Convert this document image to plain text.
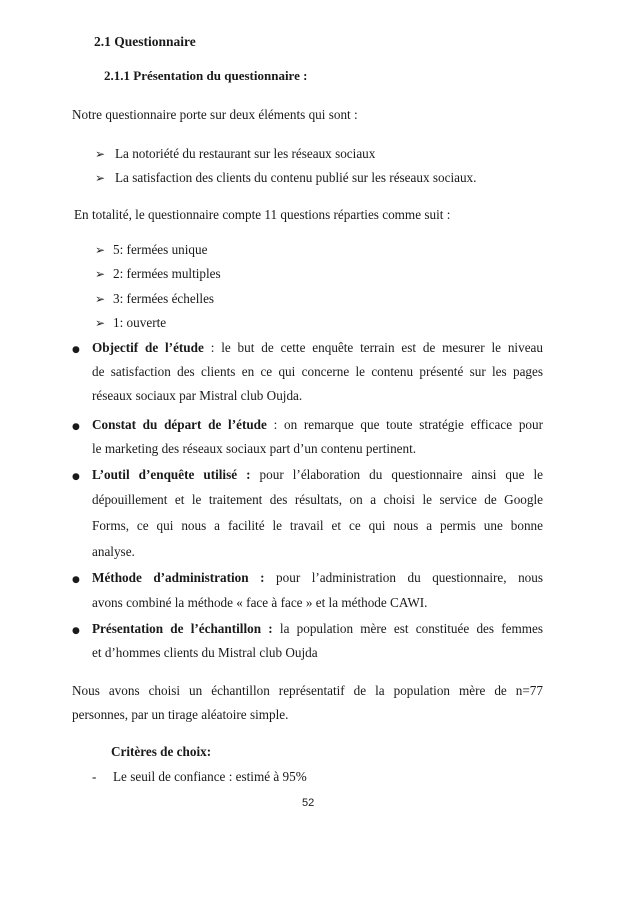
2.1 Questionnaire
2.1.1 Présentation du questionnaire :
Notre questionnaire porte sur deux éléments qui sont :
➢ La notoriété du restaurant sur les réseaux sociaux
➢ La satisfaction des clients du contenu publié sur les réseaux sociaux.
En totalité, le questionnaire compte 11 questions réparties comme suit :
➢ 5: fermées unique
➢ 2: fermées multiples
➢ 3: fermées échelles
➢ 1: ouverte
● Objectif de l’étude : le but de cette enquête terrain est de mesurer le niveau
de satisfaction des clients en ce qui concerne le contenu présenté sur les pages
réseaux sociaux par Mistral club Oujda.
● Constat du départ de l’étude : on remarque que toute stratégie efficace pour
le marketing des réseaux sociaux part d’un contenu pertinent.
● L’outil d’enquête utilisé : pour l’élaboration du questionnaire ainsi que le
dépouillement et le traitement des résultats, on a choisi le service de Google
Forms, ce qui nous a facilité le travail et ce qui nous a permis une bonne
analyse.
● Méthode d’administration : pour l’administration du questionnaire, nous
avons combiné la méthode « face à face » et la méthode CAWI.
● Présentation de l’échantillon : la population mère est constituée des femmes
et d’hommes clients du Mistral club Oujda
Nous avons choisi un échantillon représentatif de la population mère de n=77
personnes, par un tirage aléatoire simple.
Critères de choix:
- Le seuil de confiance : estimé à 95%
52
